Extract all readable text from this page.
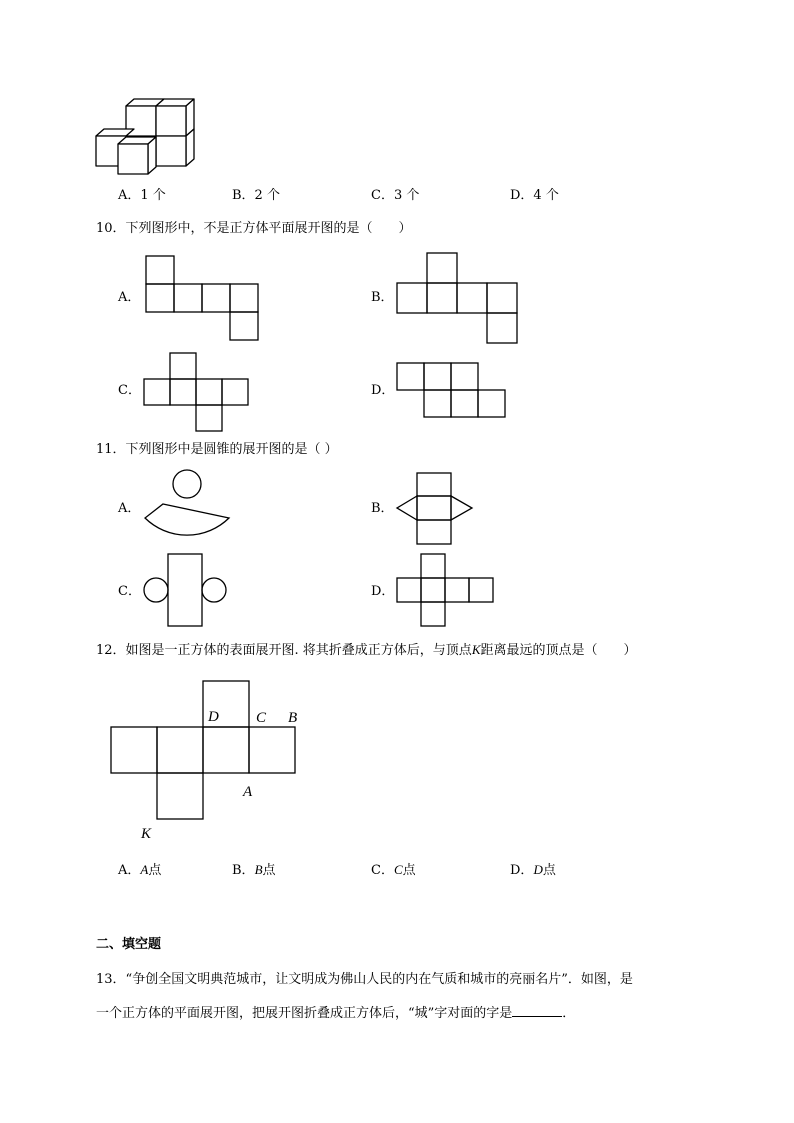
A．1 个	B．2 个	C．3 个	D．4 个
10．下列图形中，不是正方体平面展开图的是（　　）
A．	B．
C．	D．
11．下列图形中是圆锥的展开图的是（ ）
A．	B．
C．	D．
12．如图是一正方体的表面展开图. 将其折叠成正方体后，与顶点K距离最远的顶点是（　　）
D C B
A
K
A．A点	B．B点	C．C点	D．D点
二、填空题
13．“争创全国文明典范城市，让文明成为佛山人民的内在气质和城市的亮丽名片”．如图，是
一个正方体的平面展开图，把展开图折叠成正方体后，“城”字对面的字是	．
